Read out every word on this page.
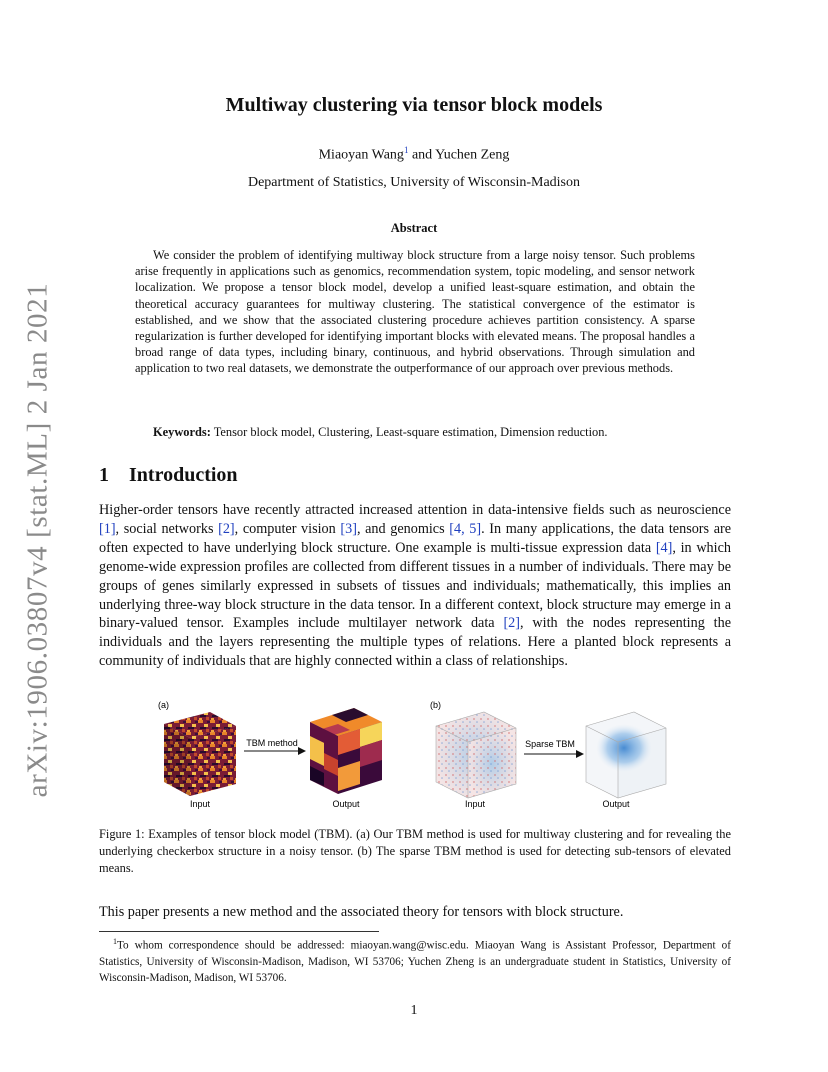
arXiv:1906.03807v4 [stat.ML] 2 Jan 2021
Multiway clustering via tensor block models
Miaoyan Wang$^1$ and Yuchen Zeng
Department of Statistics, University of Wisconsin-Madison
Abstract
We consider the problem of identifying multiway block structure from a large noisy tensor. Such problems arise frequently in applications such as genomics, recommendation system, topic modeling, and sensor network localization. We propose a tensor block model, develop a unified least-square estimation, and obtain the theoretical accuracy guarantees for multiway clustering. The statistical convergence of the estimator is established, and we show that the associated clustering procedure achieves partition consistency. A sparse regularization is further developed for identifying important blocks with elevated means. The proposal handles a broad range of data types, including binary, continuous, and hybrid observations. Through simulation and application to two real datasets, we demonstrate the outperformance of our approach over previous methods.
Keywords: Tensor block model, Clustering, Least-square estimation, Dimension reduction.
1 Introduction
Higher-order tensors have recently attracted increased attention in data-intensive fields such as neuroscience [1], social networks [2], computer vision [3], and genomics [4, 5]. In many applications, the data tensors are often expected to have underlying block structure. One example is multi-tissue expression data [4], in which genome-wide expression profiles are collected from different tissues in a number of individuals. There may be groups of genes similarly expressed in subsets of tissues and individuals; mathematically, this implies an underlying three-way block structure in the data tensor. In a different context, block structure may emerge in a binary-valued tensor. Examples include multilayer network data [2], with the nodes representing the individuals and the layers representing the multiple types of relations. Here a planted block represents a community of individuals that are highly connected within a class of relationships.
(a)
Input
TBM method
Output
(b)
Input
Sparse TBM
Output
Figure 1: Examples of tensor block model (TBM). (a) Our TBM method is used for multiway clustering and for revealing the underlying checkerbox structure in a noisy tensor. (b) The sparse TBM method is used for detecting sub-tensors of elevated means.
This paper presents a new method and the associated theory for tensors with block structure.
$^1$To whom correspondence should be addressed: miaoyan.wang@wisc.edu. Miaoyan Wang is Assistant Professor, Department of Statistics, University of Wisconsin-Madison, Madison, WI 53706; Yuchen Zheng is an undergraduate student in Statistics, University of Wisconsin-Madison, Madison, WI 53706.
1
